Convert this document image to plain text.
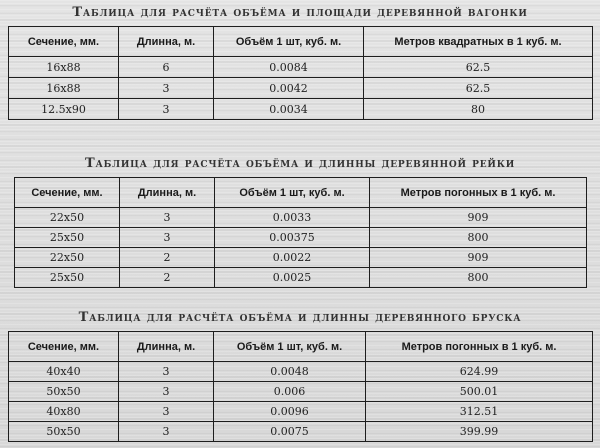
Таблица для расчёта объёма и площади деревянной вагонки
Сечение, мм.	Длинна, м.	Объём 1 шт, куб. м.	Метров квадратных в 1 куб. м.
16х88	6	0.0084	62.5
16х88	3	0.0042	62.5
12.5х90	3	0.0034	80
Таблица для расчёта объёма и длинны деревянной рейки
Сечение, мм.	Длинна, м.	Объём 1 шт, куб. м.	Метров погонных в 1 куб. м.
22х50	3	0.0033	909
25х50	3	0.00375	800
22х50	2	0.0022	909
25х50	2	0.0025	800
Таблица для расчёта объёма и длинны деревянного бруска
Сечение, мм.	Длинна, м.	Объём 1 шт, куб. м.	Метров погонных в 1 куб. м.
40х40	3	0.0048	624.99
50х50	3	0.006	500.01
40х80	3	0.0096	312.51
50х50	3	0.0075	399.99
